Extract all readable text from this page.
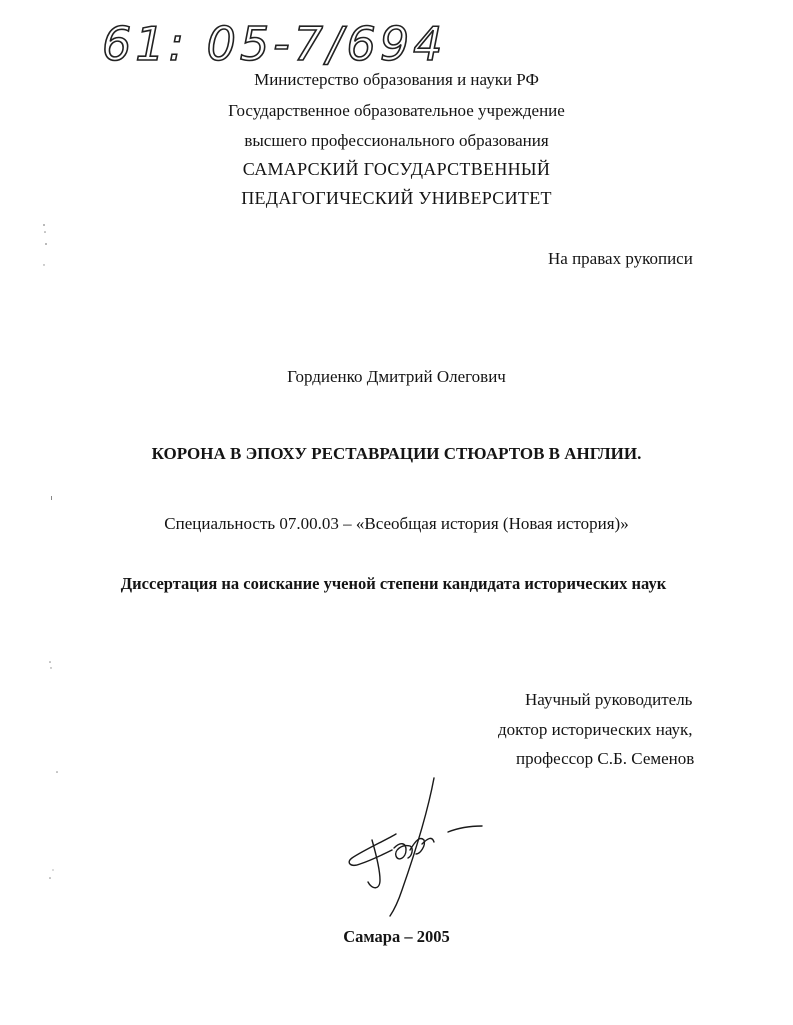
61: 05-7/694
Министерство образования и науки РФ
Государственное образовательное учреждение
высшего профессионального образования
САМАРСКИЙ ГОСУДАРСТВЕННЫЙ
ПЕДАГОГИЧЕСКИЙ УНИВЕРСИТЕТ
На правах рукописи
Гордиенко Дмитрий Олегович
КОРОНА В ЭПОХУ РЕСТАВРАЦИИ СТЮАРТОВ В АНГЛИИ.
Специальность 07.00.03 – «Всеобщая история (Новая история)»
Диссертация на соискание ученой степени кандидата исторических наук
Научный руководитель
доктор исторических наук,
профессор С.Б. Семенов
Самара – 2005
